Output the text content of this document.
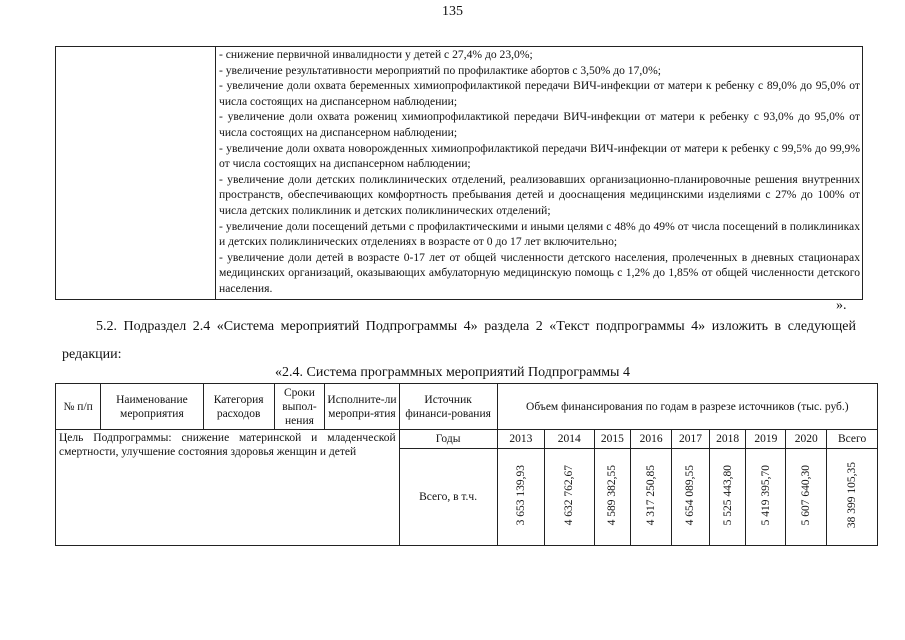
135

- снижение первичной инвалидности у детей с 27,4% до 23,0%;
- увеличение результативности мероприятий по профилактике абортов с 3,50% до 17,0%;
- увеличение доли охвата беременных химиопрофилактикой передачи ВИЧ-инфекции от матери к ребенку с 89,0% до 95,0% от числа состоящих на диспансерном наблюдении;
- увеличение доли охвата рожениц химиопрофилактикой передачи ВИЧ-инфекции от матери к ребенку с 93,0% до 95,0% от числа состоящих на диспансерном наблюдении;
- увеличение доли охвата новорожденных химиопрофилактикой передачи ВИЧ-инфекции от матери к ребенку с 99,5% до 99,9% от числа состоящих на диспансерном наблюдении;
- увеличение доли детских поликлинических отделений, реализовавших организационно-планировочные решения внутренних пространств, обеспечивающих комфортность пребывания детей и дооснащения медицинскими изделиями с 27% до 100% от числа детских поликлиник и детских поликлинических отделений;
- увеличение доли посещений детьми с профилактическими и иными целями с 48% до 49% от числа посещений в поликлиниках и детских поликлинических отделениях в возрасте от 0 до 17 лет включительно;
- увеличение доли детей в возрасте 0-17 лет от общей численности детского населения, пролеченных в дневных стационарах медицинских организаций, оказывающих амбулаторную медицинскую помощь с 1,2% до 1,85% от общей численности детского населения.
».
5.2. Подраздел 2.4 «Система мероприятий Подпрограммы 4» раздела 2 «Текст подпрограммы 4» изложить в следующей редакции:
«2.4. Система программных мероприятий Подпрограммы 4
№ п/п	Наименование мероприятия	Категория расходов	Сроки выпол-нения	Исполните-ли меропри-ятия	Источник финанси-рования	Объем финансирования по годам в разрезе источников (тыс. руб.)								
Цель Подпрограммы: снижение материнской и младенческой смертности, улучшение состояния здоровья женщин и детей					Годы	2013	2014	2015	2016	2017	2018	2019	2020	Всего
					Всего, в т.ч.	3 653 139,93	4 632 762,67	4 589 382,55	4 317 250,85	4 654 089,55	5 525 443,80	5 419 395,70	5 607 640,30	38 399 105,35
